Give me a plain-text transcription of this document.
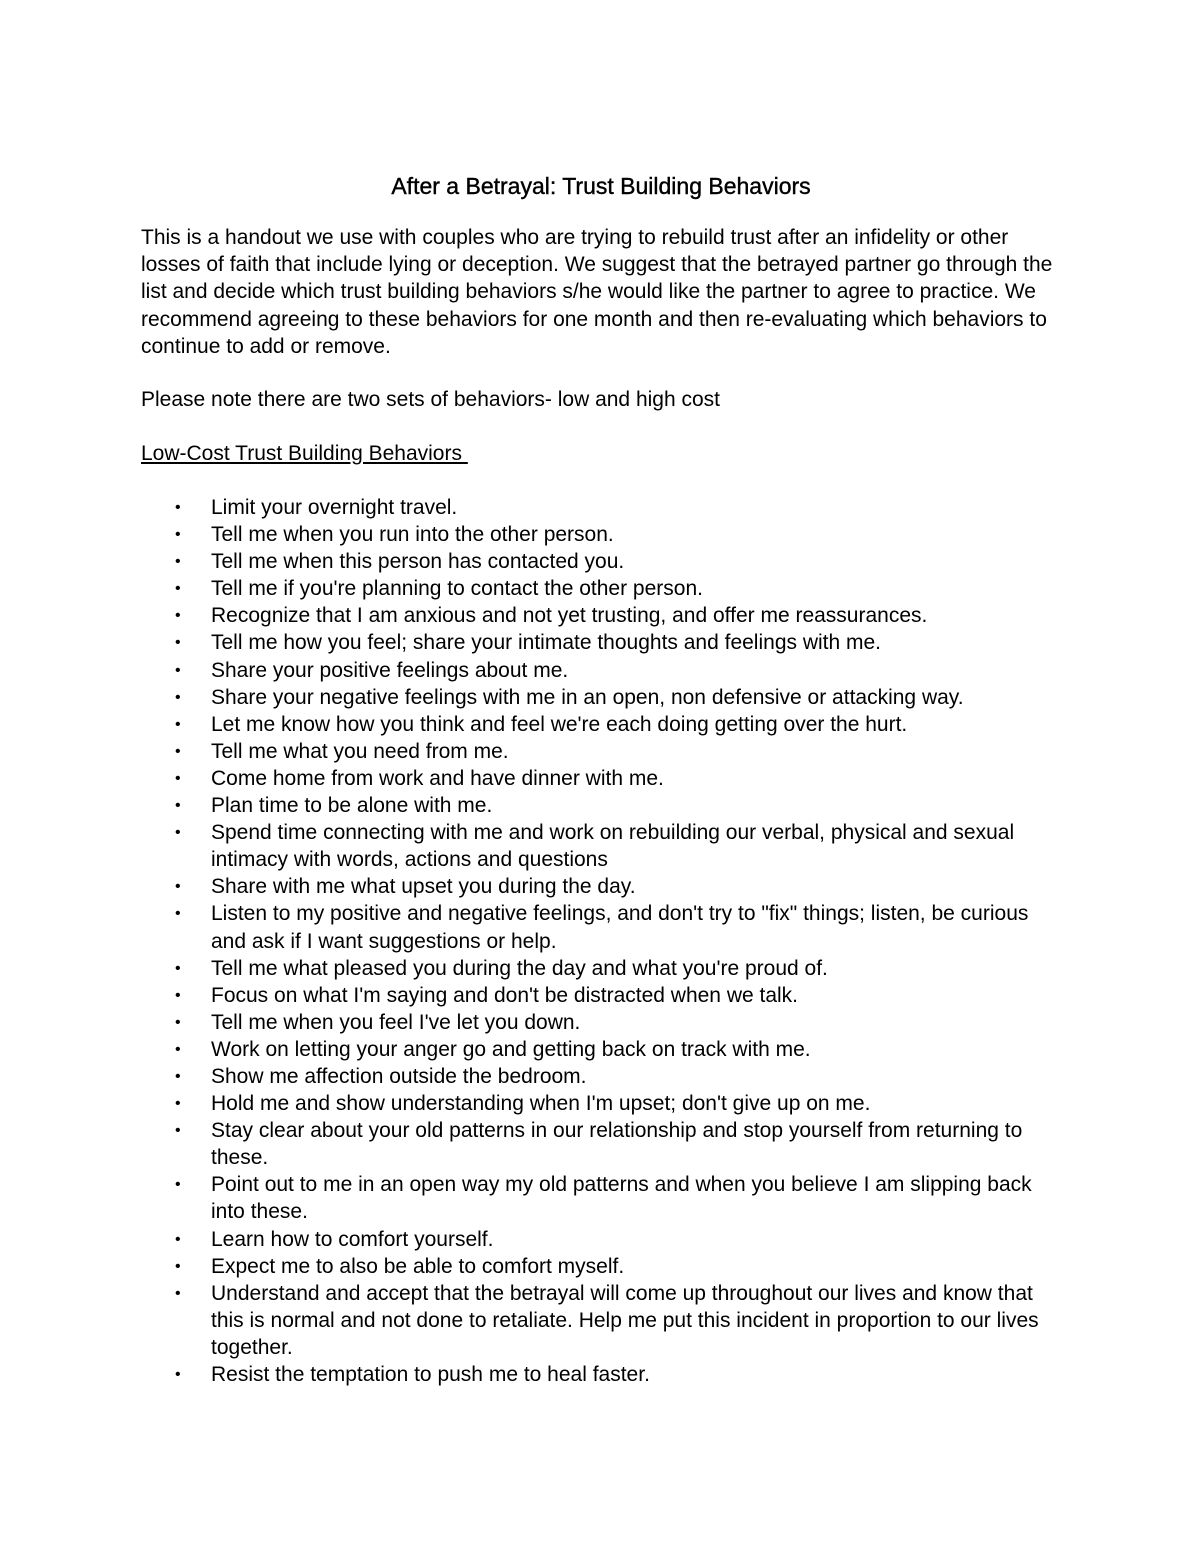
After a Betrayal: Trust Building Behaviors

This is a handout we use with couples who are trying to rebuild trust after an infidelity or other losses of faith that include lying or deception. We suggest that the betrayed partner go through the list and decide which trust building behaviors s/he would like the partner to agree to practice. We recommend agreeing to these behaviors for one month and then re-evaluating which behaviors to continue to add or remove.

Please note there are two sets of behaviors- low and high cost

Low-Cost Trust Building Behaviors
• Limit your overnight travel.
• Tell me when you run into the other person.
• Tell me when this person has contacted you.
• Tell me if you're planning to contact the other person.
• Recognize that I am anxious and not yet trusting, and offer me reassurances.
• Tell me how you feel; share your intimate thoughts and feelings with me.
• Share your positive feelings about me.
• Share your negative feelings with me in an open, non defensive or attacking way.
• Let me know how you think and feel we're each doing getting over the hurt.
• Tell me what you need from me.
• Come home from work and have dinner with me.
• Plan time to be alone with me.
• Spend time connecting with me and work on rebuilding our verbal, physical and sexual intimacy with words, actions and questions
• Share with me what upset you during the day.
• Listen to my positive and negative feelings, and don't try to "fix" things; listen, be curious and ask if I want suggestions or help.
• Tell me what pleased you during the day and what you're proud of.
• Focus on what I'm saying and don't be distracted when we talk.
• Tell me when you feel I've let you down.
• Work on letting your anger go and getting back on track with me.
• Show me affection outside the bedroom.
• Hold me and show understanding when I'm upset; don't give up on me.
• Stay clear about your old patterns in our relationship and stop yourself from returning to these.
• Point out to me in an open way my old patterns and when you believe I am slipping back into these.
• Learn how to comfort yourself.
• Expect me to also be able to comfort myself.
• Understand and accept that the betrayal will come up throughout our lives and know that this is normal and not done to retaliate. Help me put this incident in proportion to our lives together.
• Resist the temptation to push me to heal faster.
